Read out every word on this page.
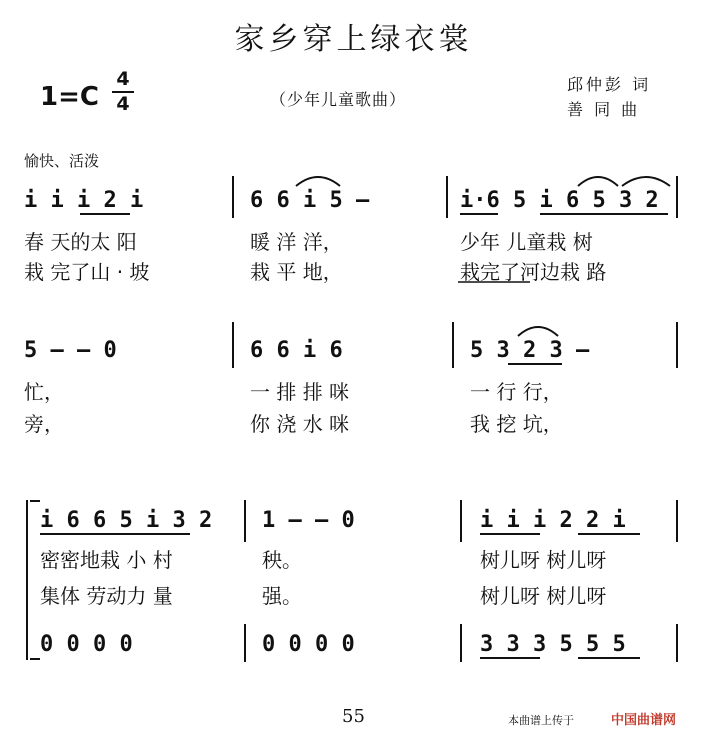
家乡穿上绿衣裳
1=C
4
4	（少年儿童歌曲）
邱仲彭 词
善 同 曲
愉快、活泼
i i i 2 i	6 6 i 5 —	i·6 5 i 6 5 3 2
春 天的太 阳	暖 洋 洋，	少年 儿童栽 树
栽 完了山 · 坡	栽 平 地，	栽完了河边栽 路
5 — — 0	6 6 i 6	5 3 2 3 —
忙，	一 排 排 咪	一 行 行，
旁，	你 浇 水 咪	我 挖 坑，
i 6 6 5 i 3 2 1 — — 0	i i i 2 2 i
密密地栽 小 村	秧。	树儿呀 树儿呀
集体 劳动力 量	强。	树儿呀 树儿呀
0 0 0 0	0 0 0 0	3 3 3 5 5 5
55	本曲谱上传于	中国曲谱网
